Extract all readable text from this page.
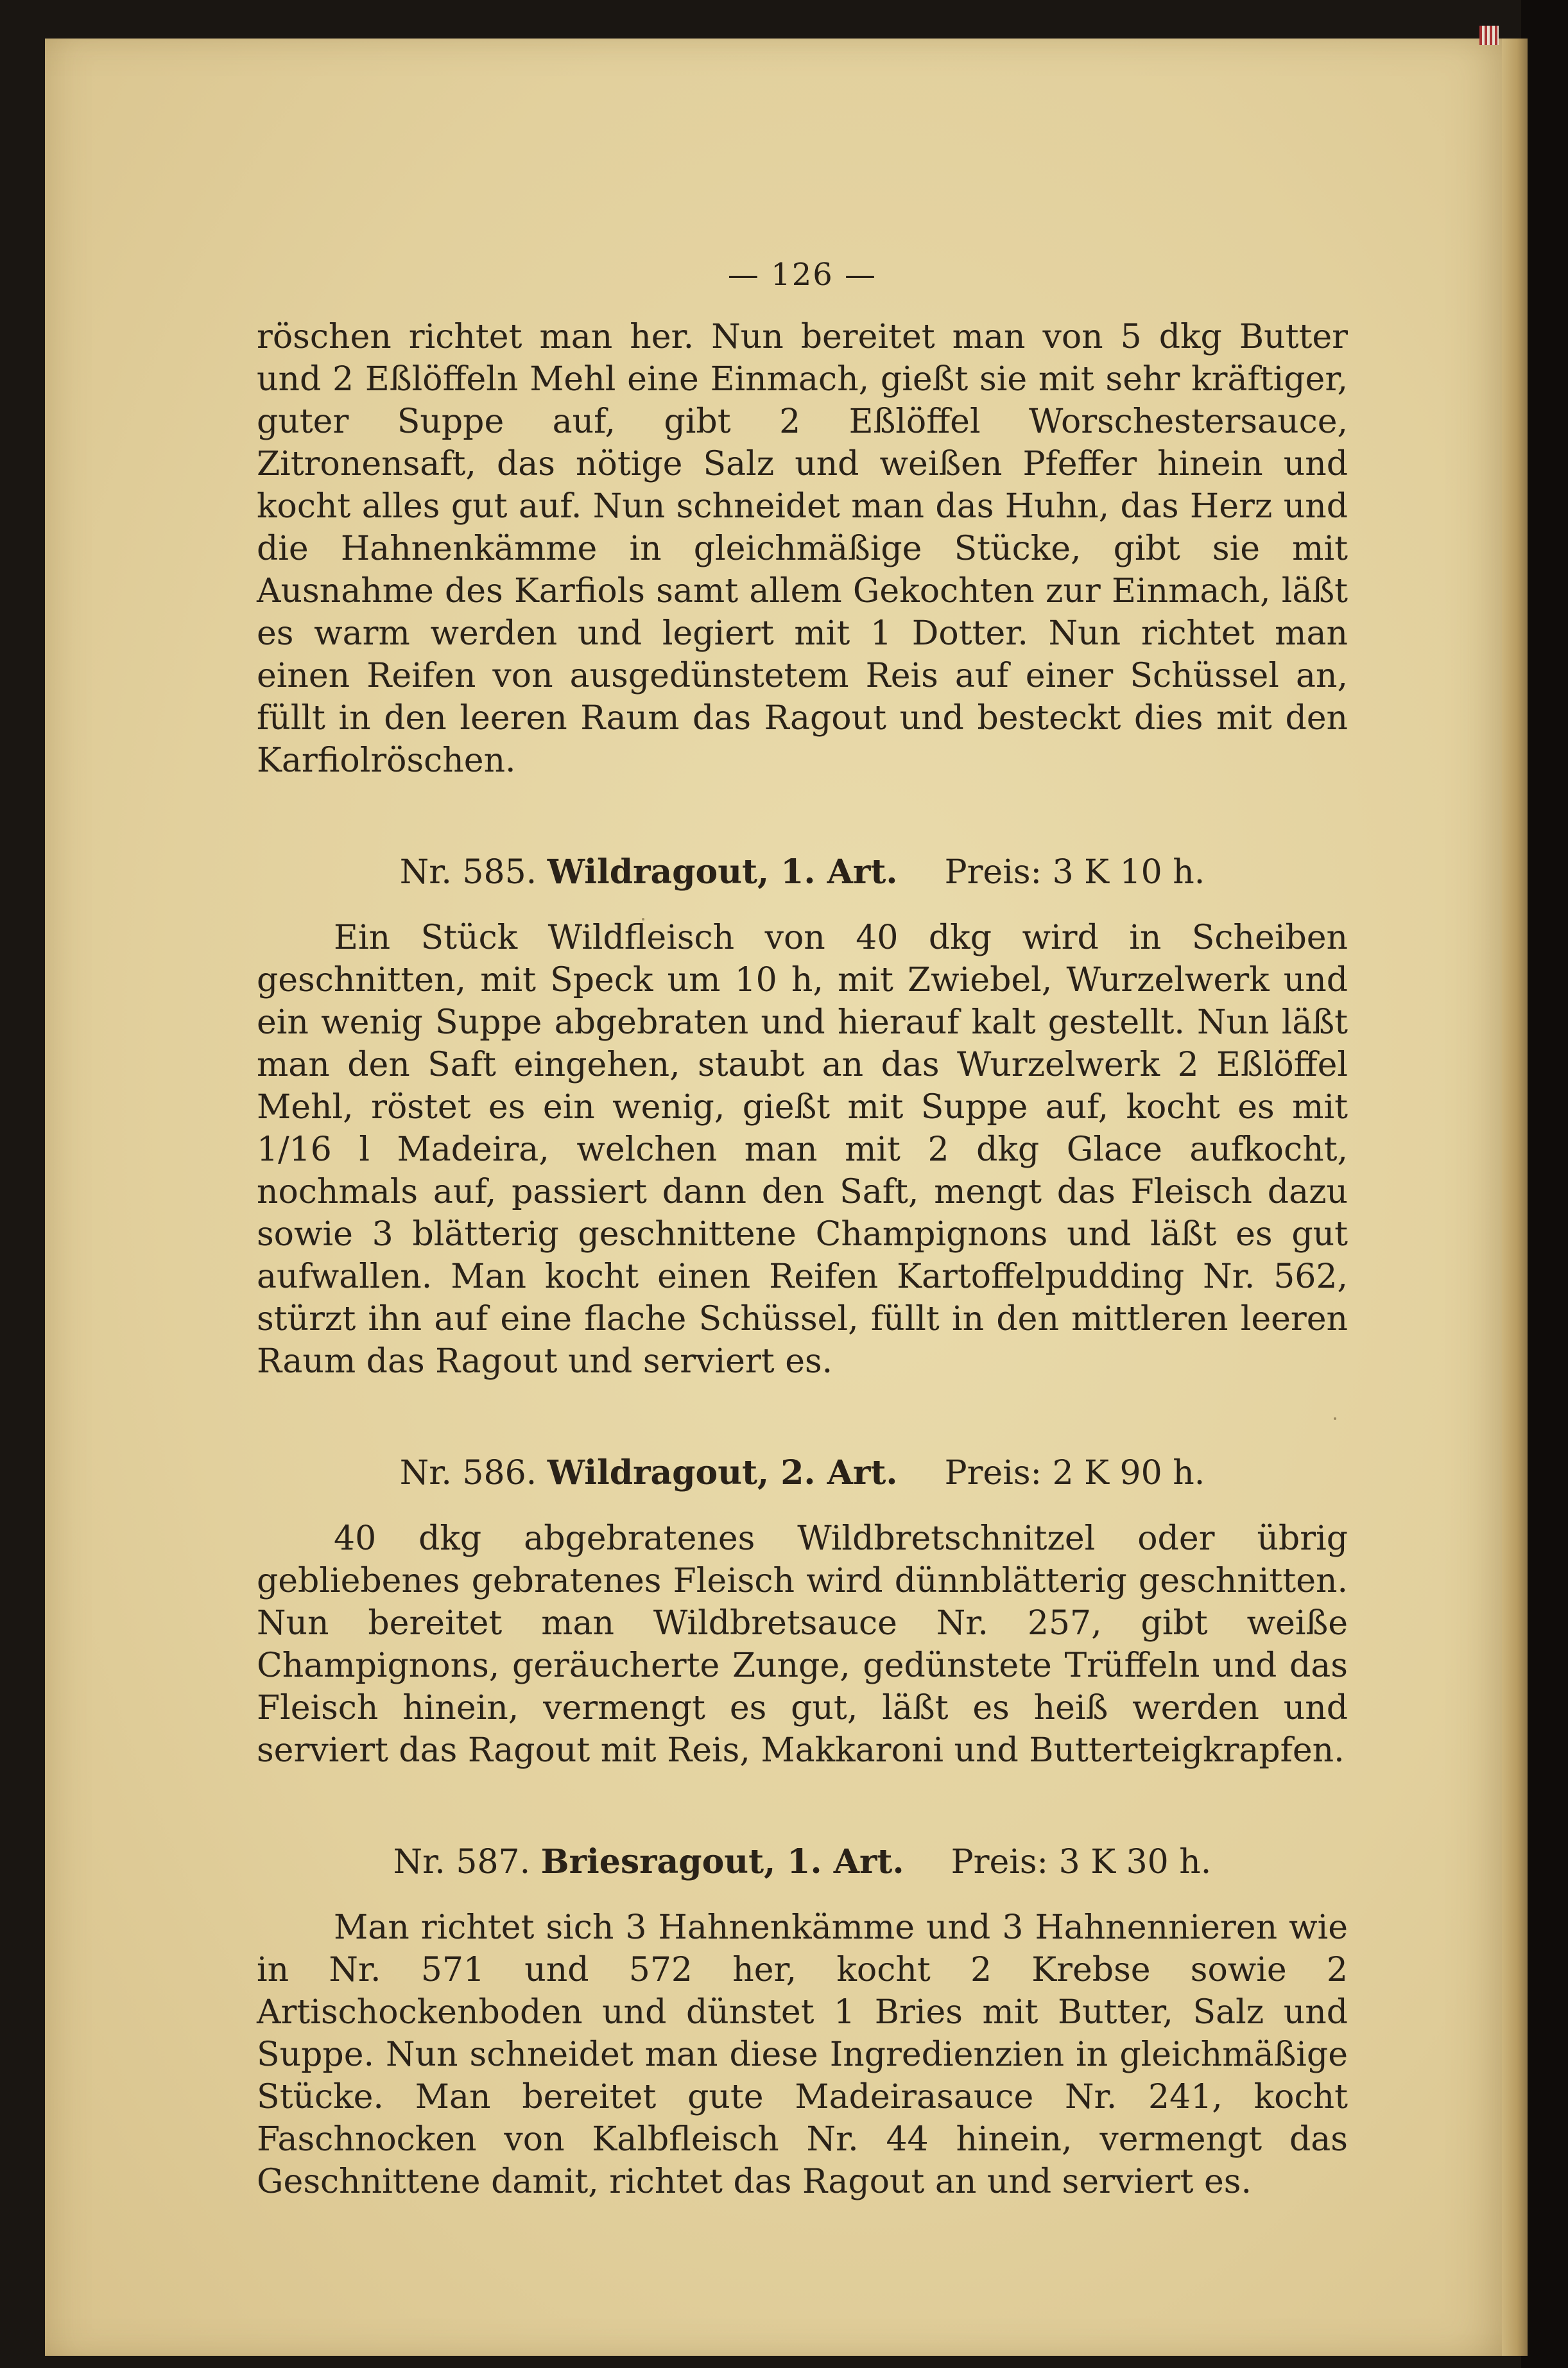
— 126 —

röschen richtet man her. Nun bereitet man von 5 dkg Butter und 2 Eßlöffeln Mehl eine Einmach, gießt sie mit sehr kräftiger, guter Suppe auf, gibt 2 Eßlöffel Worschestersauce, Zitronensaft, das nötige Salz und weißen Pfeffer hinein und kocht alles gut auf. Nun schneidet man das Huhn, das Herz und die Hahnenkämme in gleichmäßige Stücke, gibt sie mit Ausnahme des Karfiols samt allem Gekochten zur Einmach, läßt es warm werden und legiert mit 1 Dotter. Nun richtet man einen Reifen von ausgedünstetem Reis auf einer Schüssel an, füllt in den leeren Raum das Ragout und besteckt dies mit den Karfiolröschen.

Nr. 585. Wildragout, 1. Art. Preis: 3 K 10 h.

Ein Stück Wildfleisch von 40 dkg wird in Scheiben geschnitten, mit Speck um 10 h, mit Zwiebel, Wurzelwerk und ein wenig Suppe abgebraten und hierauf kalt gestellt. Nun läßt man den Saft eingehen, staubt an das Wurzelwerk 2 Eßlöffel Mehl, röstet es ein wenig, gießt mit Suppe auf, kocht es mit 1/16 l Madeira, welchen man mit 2 dkg Glace aufkocht, nochmals auf, passiert dann den Saft, mengt das Fleisch dazu sowie 3 blätterig geschnittene Champignons und läßt es gut aufwallen. Man kocht einen Reifen Kartoffelpudding Nr. 562, stürzt ihn auf eine flache Schüssel, füllt in den mittleren leeren Raum das Ragout und serviert es.

Nr. 586. Wildragout, 2. Art. Preis: 2 K 90 h.

40 dkg abgebratenes Wildbretschnitzel oder übrig gebliebenes gebratenes Fleisch wird dünnblätterig geschnitten. Nun bereitet man Wildbretsauce Nr. 257, gibt weiße Champignons, geräucherte Zunge, gedünstete Trüffeln und das Fleisch hinein, vermengt es gut, läßt es heiß werden und serviert das Ragout mit Reis, Makkaroni und Butterteigkrapfen.

Nr. 587. Briesragout, 1. Art. Preis: 3 K 30 h.

Man richtet sich 3 Hahnenkämme und 3 Hahnennieren wie in Nr. 571 und 572 her, kocht 2 Krebse sowie 2 Artischockenboden und dünstet 1 Bries mit Butter, Salz und Suppe. Nun schneidet man diese Ingredienzien in gleichmäßige Stücke. Man bereitet gute Madeirasauce Nr. 241, kocht Faschnocken von Kalbfleisch Nr. 44 hinein, vermengt das Geschnittene damit, richtet das Ragout an und serviert es.
